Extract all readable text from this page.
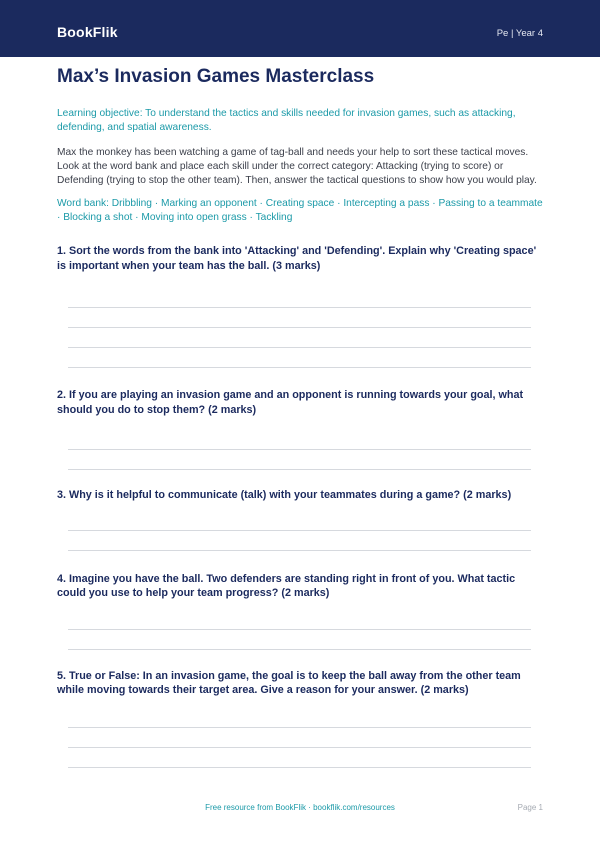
BookFlik	Pe | Year 4
Max’s Invasion Games Masterclass

Learning objective: To understand the tactics and skills needed for invasion games, such as attacking, defending, and spatial awareness.

Max the monkey has been watching a game of tag-ball and needs your help to sort these tactical moves. Look at the word bank and place each skill under the correct category: Attacking (trying to score) or Defending (trying to stop the other team). Then, answer the tactical questions to show how you would play.

Word bank: Dribbling · Marking an opponent · Creating space · Intercepting a pass · Passing to a teammate · Blocking a shot · Moving into open grass · Tackling

1. Sort the words from the bank into 'Attacking' and 'Defending'. Explain why 'Creating space' is important when your team has the ball. (3 marks)

2. If you are playing an invasion game and an opponent is running towards your goal, what should you do to stop them? (2 marks)

3. Why is it helpful to communicate (talk) with your teammates during a game? (2 marks)

4. Imagine you have the ball. Two defenders are standing right in front of you. What tactic could you use to help your team progress? (2 marks)

5. True or False: In an invasion game, the goal is to keep the ball away from the other team while moving towards their target area. Give a reason for your answer. (2 marks)

Free resource from BookFlik · bookflik.com/resources	Page 1
